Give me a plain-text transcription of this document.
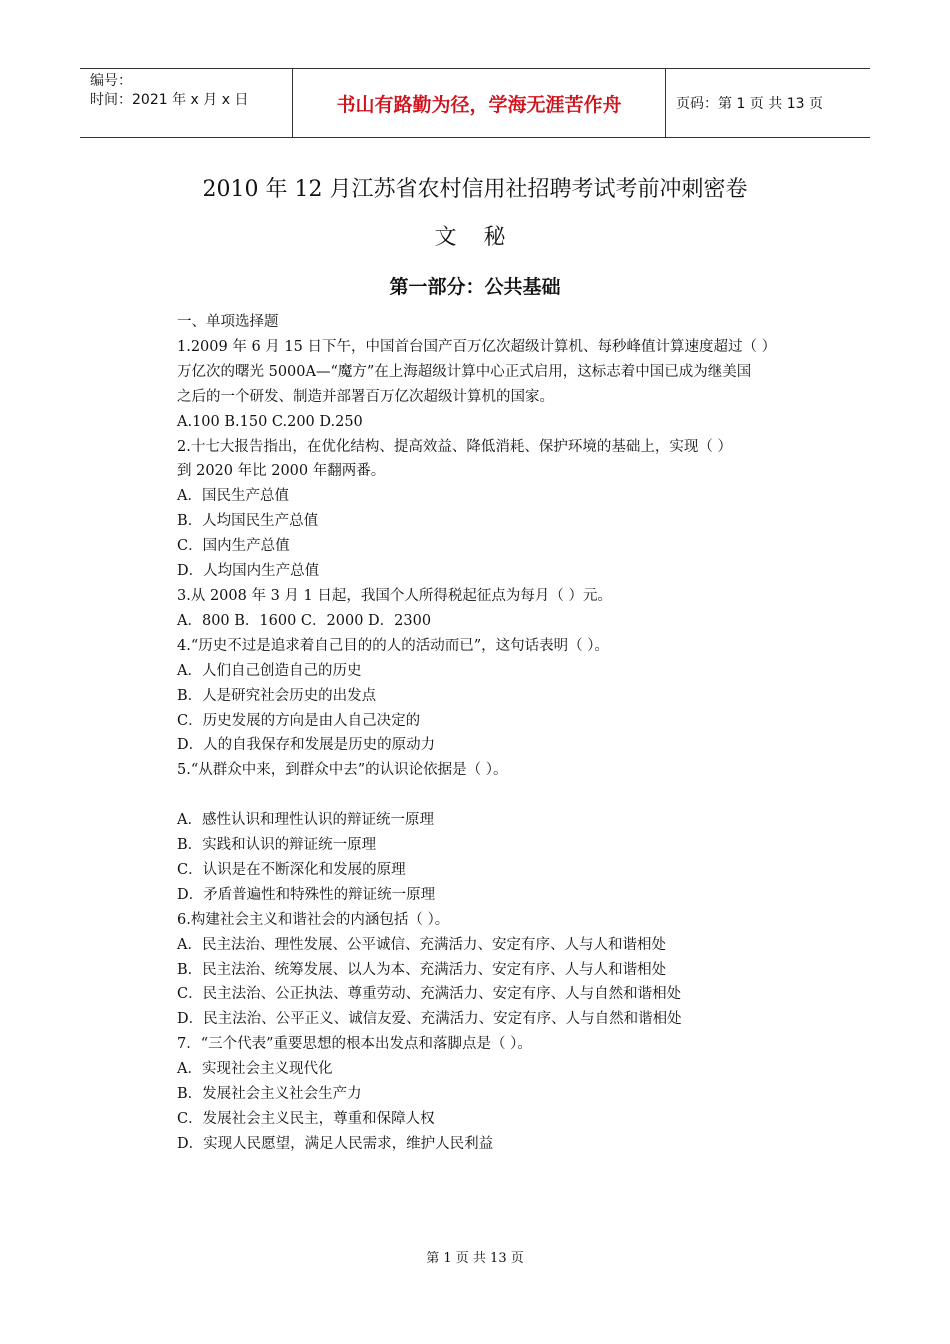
编号：
时间：2021 年 x 月 x 日	书山有路勤为径，学海无涯苦作舟	页码：第 1 页 共 13 页
2010 年 12 月江苏省农村信用社招聘考试考前冲刺密卷
文 秘
第一部分：公共基础
一、单项选择题
1.2009 年 6 月 15 日下午，中国首台国产百万亿次超级计算机、每秒峰值计算速度超过（ ）
万亿次的曙光 5000A—“魔方”在上海超级计算中心正式启用，这标志着中国已成为继美国
之后的一个研发、制造并部署百万亿次超级计算机的国家。
A.100 B.150 C.200 D.250
2.十七大报告指出，在优化结构、提高效益、降低消耗、保护环境的基础上，实现（ ）
到 2020 年比 2000 年翻两番。
A．国民生产总值
B．人均国民生产总值
C．国内生产总值
D．人均国内生产总值
3.从 2008 年 3 月 1 日起，我国个人所得税起征点为每月（ ）元。
A．800 B．1600 C．2000 D．2300
4.“历史不过是追求着自己目的的人的活动而已”，这句话表明（ ）。
A．人们自己创造自己的历史
B．人是研究社会历史的出发点
C．历史发展的方向是由人自己决定的
D．人的自我保存和发展是历史的原动力
5.“从群众中来，到群众中去”的认识论依据是（ ）。
A．感性认识和理性认识的辩证统一原理
B．实践和认识的辩证统一原理
C．认识是在不断深化和发展的原理
D．矛盾普遍性和特殊性的辩证统一原理
6.构建社会主义和谐社会的内涵包括（ ）。
A．民主法治、理性发展、公平诚信、充满活力、安定有序、人与人和谐相处
B．民主法治、统筹发展、以人为本、充满活力、安定有序、人与人和谐相处
C．民主法治、公正执法、尊重劳动、充满活力、安定有序、人与自然和谐相处
D．民主法治、公平正义、诚信友爱、充满活力、安定有序、人与自然和谐相处
7．“三个代表”重要思想的根本出发点和落脚点是（ ）。
A．实现社会主义现代化
B．发展社会主义社会生产力
C．发展社会主义民主，尊重和保障人权
D．实现人民愿望，满足人民需求，维护人民利益
第 1 页 共 13 页
